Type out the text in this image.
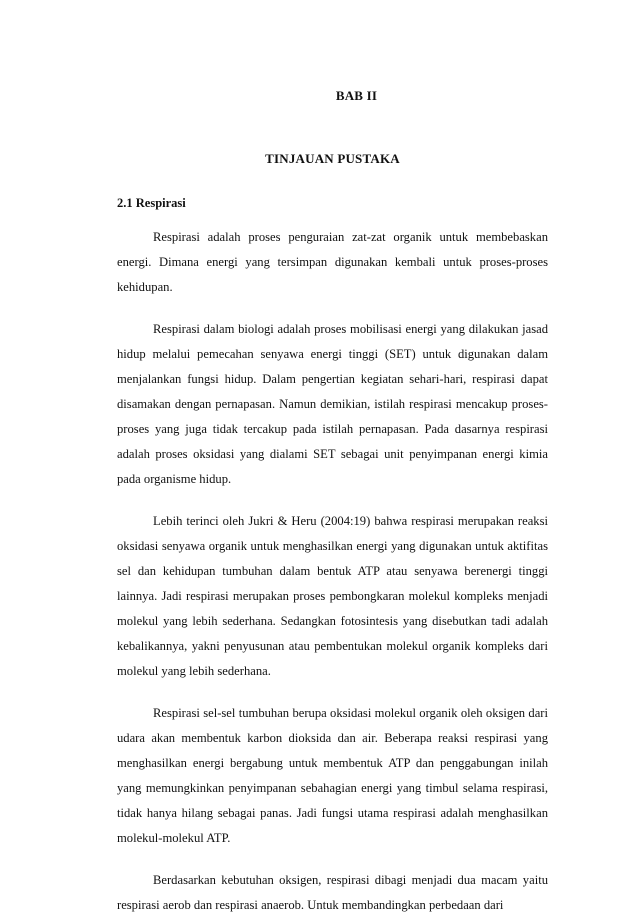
BAB II
TINJAUAN PUSTAKA
2.1 Respirasi

Respirasi adalah proses penguraian zat-zat organik untuk membebaskan energi. Dimana energi yang tersimpan digunakan kembali untuk proses-proses kehidupan.

Respirasi dalam biologi adalah proses mobilisasi energi yang dilakukan jasad hidup melalui pemecahan senyawa energi tinggi (SET) untuk digunakan dalam menjalankan fungsi hidup. Dalam pengertian kegiatan sehari-hari, respirasi dapat disamakan dengan pernapasan. Namun demikian, istilah respirasi mencakup proses-proses yang juga tidak tercakup pada istilah pernapasan. Pada dasarnya respirasi adalah proses oksidasi yang dialami SET sebagai unit penyimpanan energi kimia pada organisme hidup.

Lebih terinci oleh Jukri & Heru (2004:19) bahwa respirasi merupakan reaksi oksidasi senyawa organik untuk menghasilkan energi yang digunakan untuk aktifitas sel dan kehidupan tumbuhan dalam bentuk ATP atau senyawa berenergi tinggi lainnya. Jadi respirasi merupakan proses pembongkaran molekul kompleks menjadi molekul yang lebih sederhana. Sedangkan fotosintesis yang disebutkan tadi adalah kebalikannya, yakni penyusunan atau pembentukan molekul organik kompleks dari molekul yang lebih sederhana.

Respirasi sel-sel tumbuhan berupa oksidasi molekul organik oleh oksigen dari udara akan membentuk karbon dioksida dan air. Beberapa reaksi respirasi yang menghasilkan energi bergabung untuk membentuk ATP dan penggabungan inilah yang memungkinkan penyimpanan sebahagian energi yang timbul selama respirasi, tidak hanya hilang sebagai panas. Jadi fungsi utama respirasi adalah menghasilkan molekul-molekul ATP.

Berdasarkan kebutuhan oksigen, respirasi dibagi menjadi dua macam yaitu respirasi aerob dan respirasi anaerob. Untuk membandingkan perbedaan dari
